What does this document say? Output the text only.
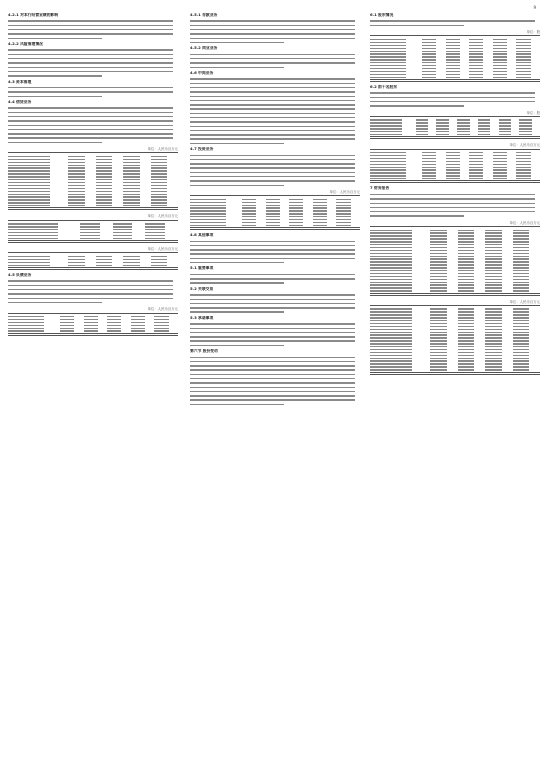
9
4.2.1 对本行经营业绩的影响
4.2.2 风险管理情况
4.3 资本管理
4.4 信贷业务
单位：人民币百万元
单位：人民币百万元
单位：人民币百万元
4.5 负债业务
单位：人民币百万元
4.5.1 存款业务
4.5.2 同业业务
4.6 中间业务
4.7 投资业务
单位：人民币百万元
4.8 其他事项
5.1 重要事项
5.2 关联交易
5.3 承诺事项
第六节 股份变动
6.1 股东情况
单位：股
6.2 前十名股东
单位：股
单位：人民币百万元
7 财务报告
单位：人民币百万元
单位：人民币百万元
